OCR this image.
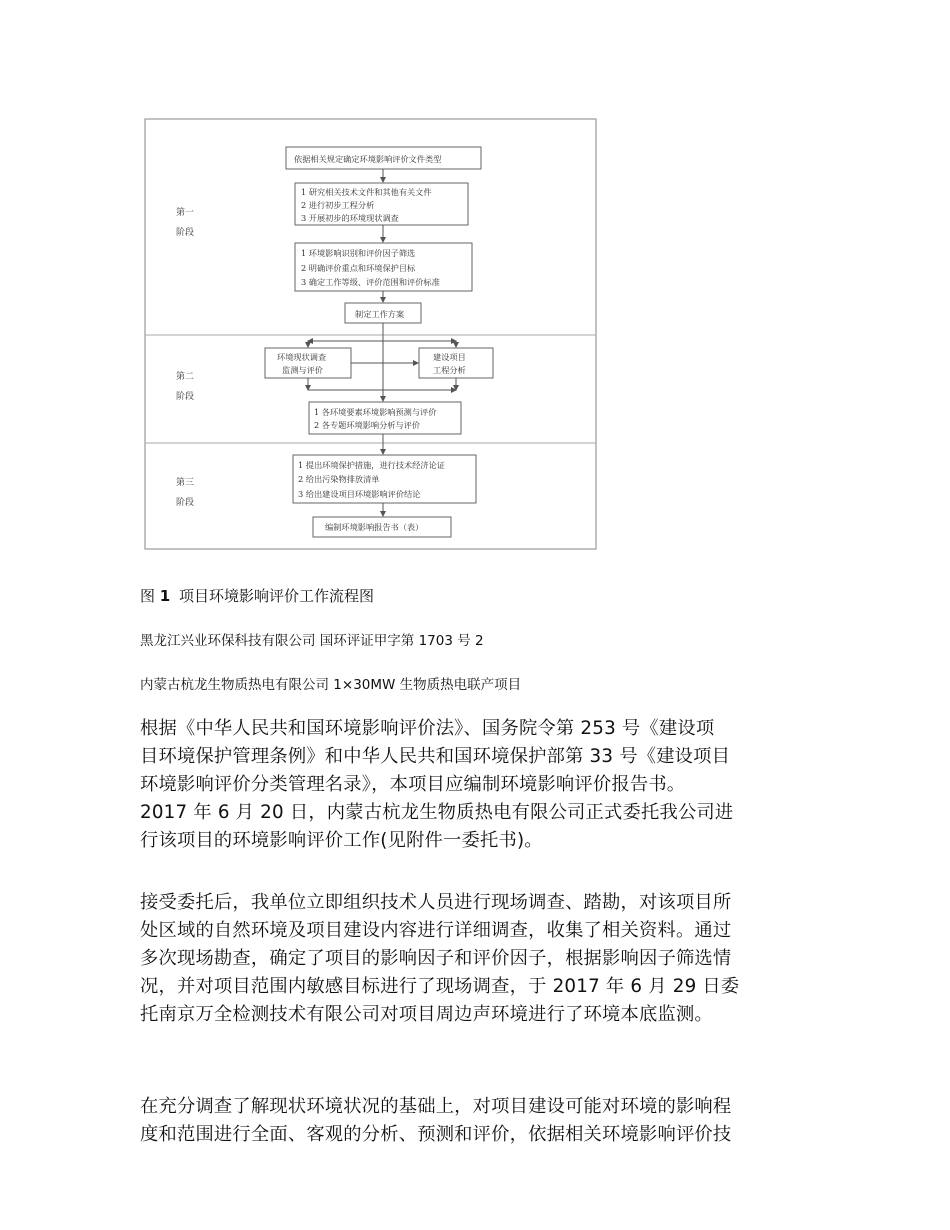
第一阶段
第二阶段
第三阶段
依据相关规定确定环境影响评价文件类型
1 研究相关技术文件和其他有关文件
2 进行初步工程分析
3 开展初步的环境现状调查
1 环境影响识别和评价因子筛选
2 明确评价重点和环境保护目标
3 确定工作等级、评价范围和评价标准
制定工作方案
环境现状调查
监测与评价
建设项目
工程分析
1 各环境要素环境影响预测与评价
2 各专题环境影响分析与评价
1 提出环境保护措施，进行技术经济论证
2 给出污染物排放清单
3 给出建设项目环境影响评价结论
编制环境影响报告书（表）
图 1 项目环境影响评价工作流程图
黑龙江兴业环保科技有限公司 国环评证甲字第 1703 号 2
内蒙古杭龙生物质热电有限公司 1×30MW 生物质热电联产项目
根据《中华人民共和国环境影响评价法》、国务院令第 253 号《建设项
目环境保护管理条例》和中华人民共和国环境保护部第 33 号《建设项目
环境影响评价分类管理名录》，本项目应编制环境影响评价报告书。
2017 年 6 月 20 日，内蒙古杭龙生物质热电有限公司正式委托我公司进
行该项目的环境影响评价工作(见附件一委托书)。
接受委托后，我单位立即组织技术人员进行现场调查、踏勘，对该项目所
处区域的自然环境及项目建设内容进行详细调查，收集了相关资料。通过
多次现场勘查，确定了项目的影响因子和评价因子，根据影响因子筛选情
况，并对项目范围内敏感目标进行了现场调查，于 2017 年 6 月 29 日委
托南京万全检测技术有限公司对项目周边声环境进行了环境本底监测。
在充分调查了解现状环境状况的基础上，对项目建设可能对环境的影响程
度和范围进行全面、客观的分析、预测和评价，依据相关环境影响评价技
